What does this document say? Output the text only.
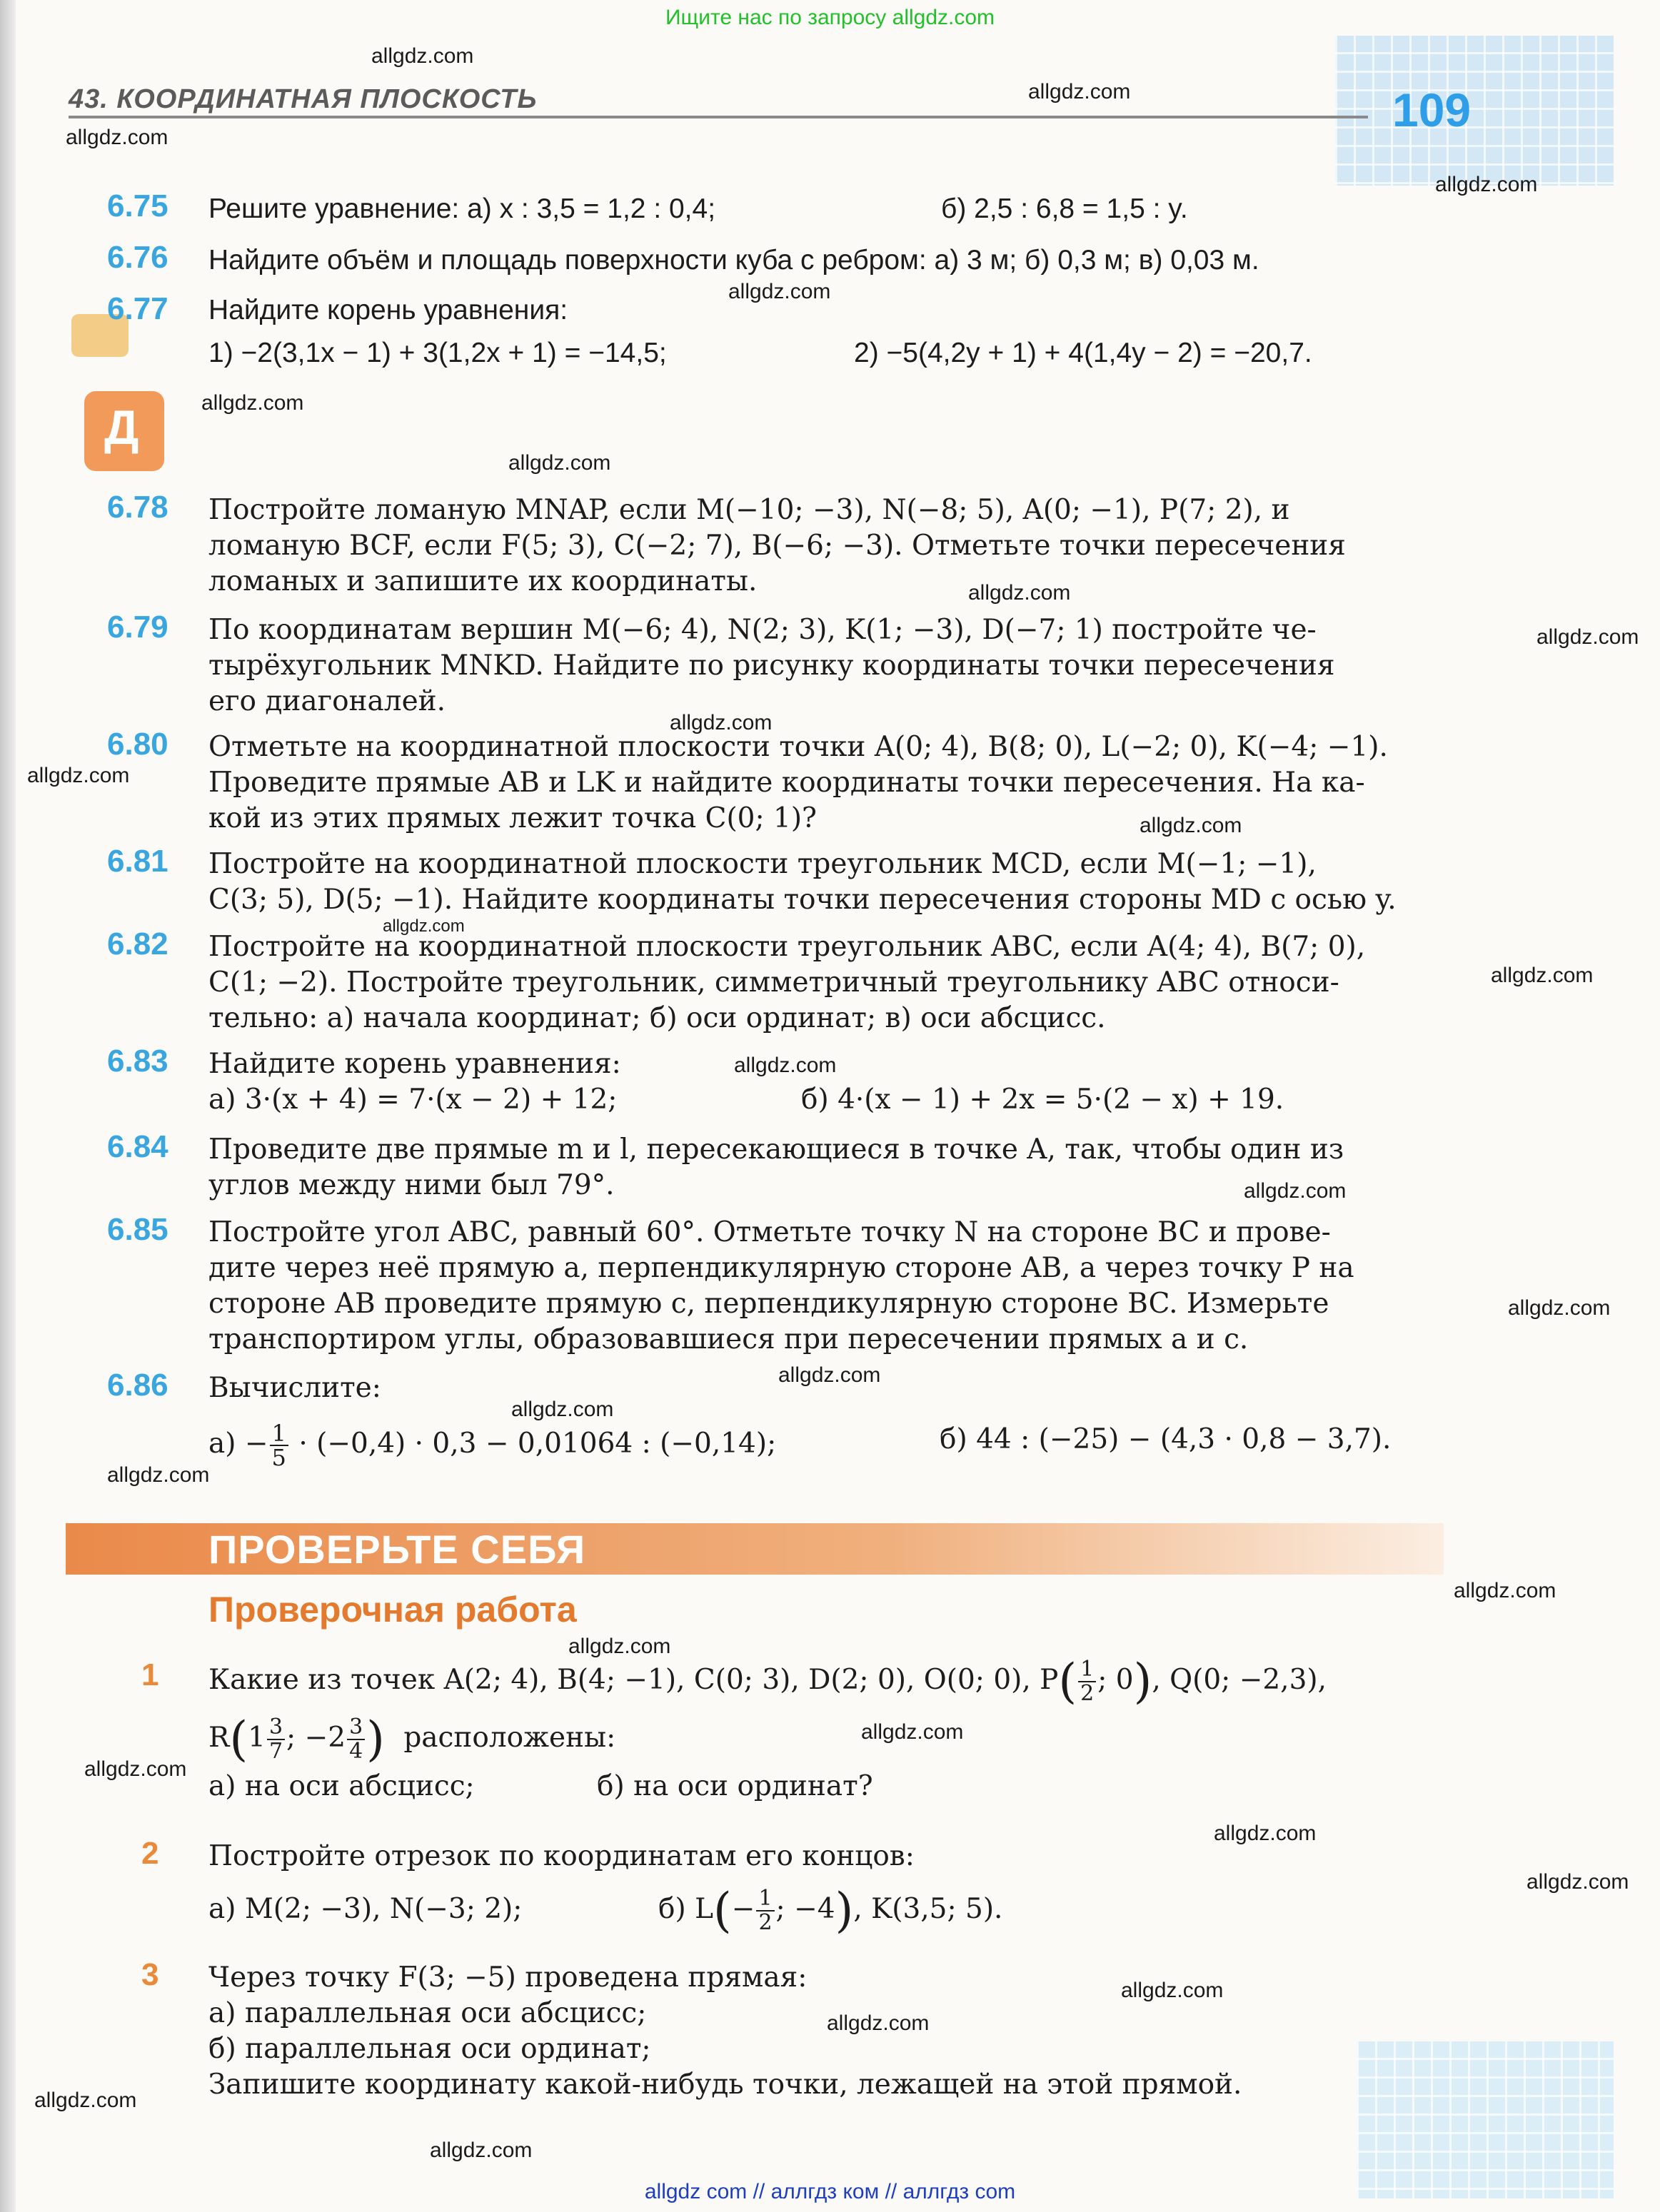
Ищите нас по запросу allgdz.com
43. КООРДИНАТНАЯ ПЛОСКОСТЬ	109
allgdz.com
allgdz.com
allgdz.com
allgdz.com
allgdz.com
allgdz.com
allgdz.com
allgdz.com
allgdz.com
allgdz.com
allgdz.com
allgdz.com
allgdz.com
allgdz.com
allgdz.com
allgdz.com
allgdz.com
allgdz.com
allgdz.com
allgdz.com
allgdz.com
allgdz.com
allgdz.com
allgdz.com
allgdz.com
allgdz.com
allgdz.com
allgdz.com
allgdz.com
allgdz.com
6.75 Решите уравнение: а) x : 3,5 = 1,2 : 0,4;	б) 2,5 : 6,8 = 1,5 : y.
6.76 Найдите объём и площадь поверхности куба с ребром: а) 3 м; б) 0,3 м; в) 0,03 м.
6.77 Найдите корень уравнения:
1) −2(3,1x − 1) + 3(1,2x + 1) = −14,5;	2) −5(4,2y + 1) + 4(1,4y − 2) = −20,7.
Д
6.78 Постройте ломаную MNAP, если M(−10; −3), N(−8; 5), A(0; −1), P(7; 2), и
ломаную BCF, если F(5; 3), C(−2; 7), B(−6; −3). Отметьте точки пересечения
ломаных и запишите их координаты.
6.79 По координатам вершин M(−6; 4), N(2; 3), K(1; −3), D(−7; 1) постройте че-
тырёхугольник MNKD. Найдите по рисунку координаты точки пересечения
его диагоналей.
6.80 Отметьте на координатной плоскости точки A(0; 4), B(8; 0), L(−2; 0), K(−4; −1).
Проведите прямые AB и LK и найдите координаты точки пересечения. На ка-
кой из этих прямых лежит точка C(0; 1)?
6.81 Постройте на координатной плоскости треугольник MCD, если M(−1; −1),
C(3; 5), D(5; −1). Найдите координаты точки пересечения стороны MD с осью y.
6.82 Постройте на координатной плоскости треугольник ABC, если A(4; 4), B(7; 0),
C(1; −2). Постройте треугольник, симметричный треугольнику ABC относи-
тельно: а) начала координат; б) оси ординат; в) оси абсцисс.
6.83 Найдите корень уравнения:
а) 3·(x + 4) = 7·(x − 2) + 12;	б) 4·(x − 1) + 2x = 5·(2 − x) + 19.
6.84 Проведите две прямые m и l, пересекающиеся в точке A, так, чтобы один из
углов между ними был 79°.
6.85 Постройте угол ABC, равный 60°. Отметьте точку N на стороне BC и прове-
дите через неё прямую a, перпендикулярную стороне AB, а через точку P на
стороне AB проведите прямую c, перпендикулярную стороне BC. Измерьте
транспортиром углы, образовавшиеся при пересечении прямых a и c.
6.86 Вычислите:
$а) - \frac{1}{5} \cdot (-0,4) \cdot 0,3 - 0,01064$ : (−0,14);	б) 44 : (−25) − (4,3 · 0,8 − 3,7).
ПРОВЕРЬТЕ СЕБЯ
Проверочная работа
1 Какие из точек A(2; 4), B(4; −1), C(0; 3), D(2; 0), O(0; 0), $P( \frac{1}{2}$ ; 0), Q(0; −2,3),
$R(1 \frac{3}{7}$ ; $-2 \frac{3}{4}$ ) расположены:
а) на оси абсцисс;	б) на оси ординат?
2 Постройте отрезок по координатам его концов:
а) M(2; −3), N(−3; 2);	б) $L(- \frac{1}{2}$ ; −4), K(3,5; 5).
3 Через точку F(3; −5) проведена прямая:
а) параллельная оси абсцисс;
б) параллельная оси ординат;
Запишите координату какой-нибудь точки, лежащей на этой прямой.
allgdz com // аллгдз ком // аллгдз com
